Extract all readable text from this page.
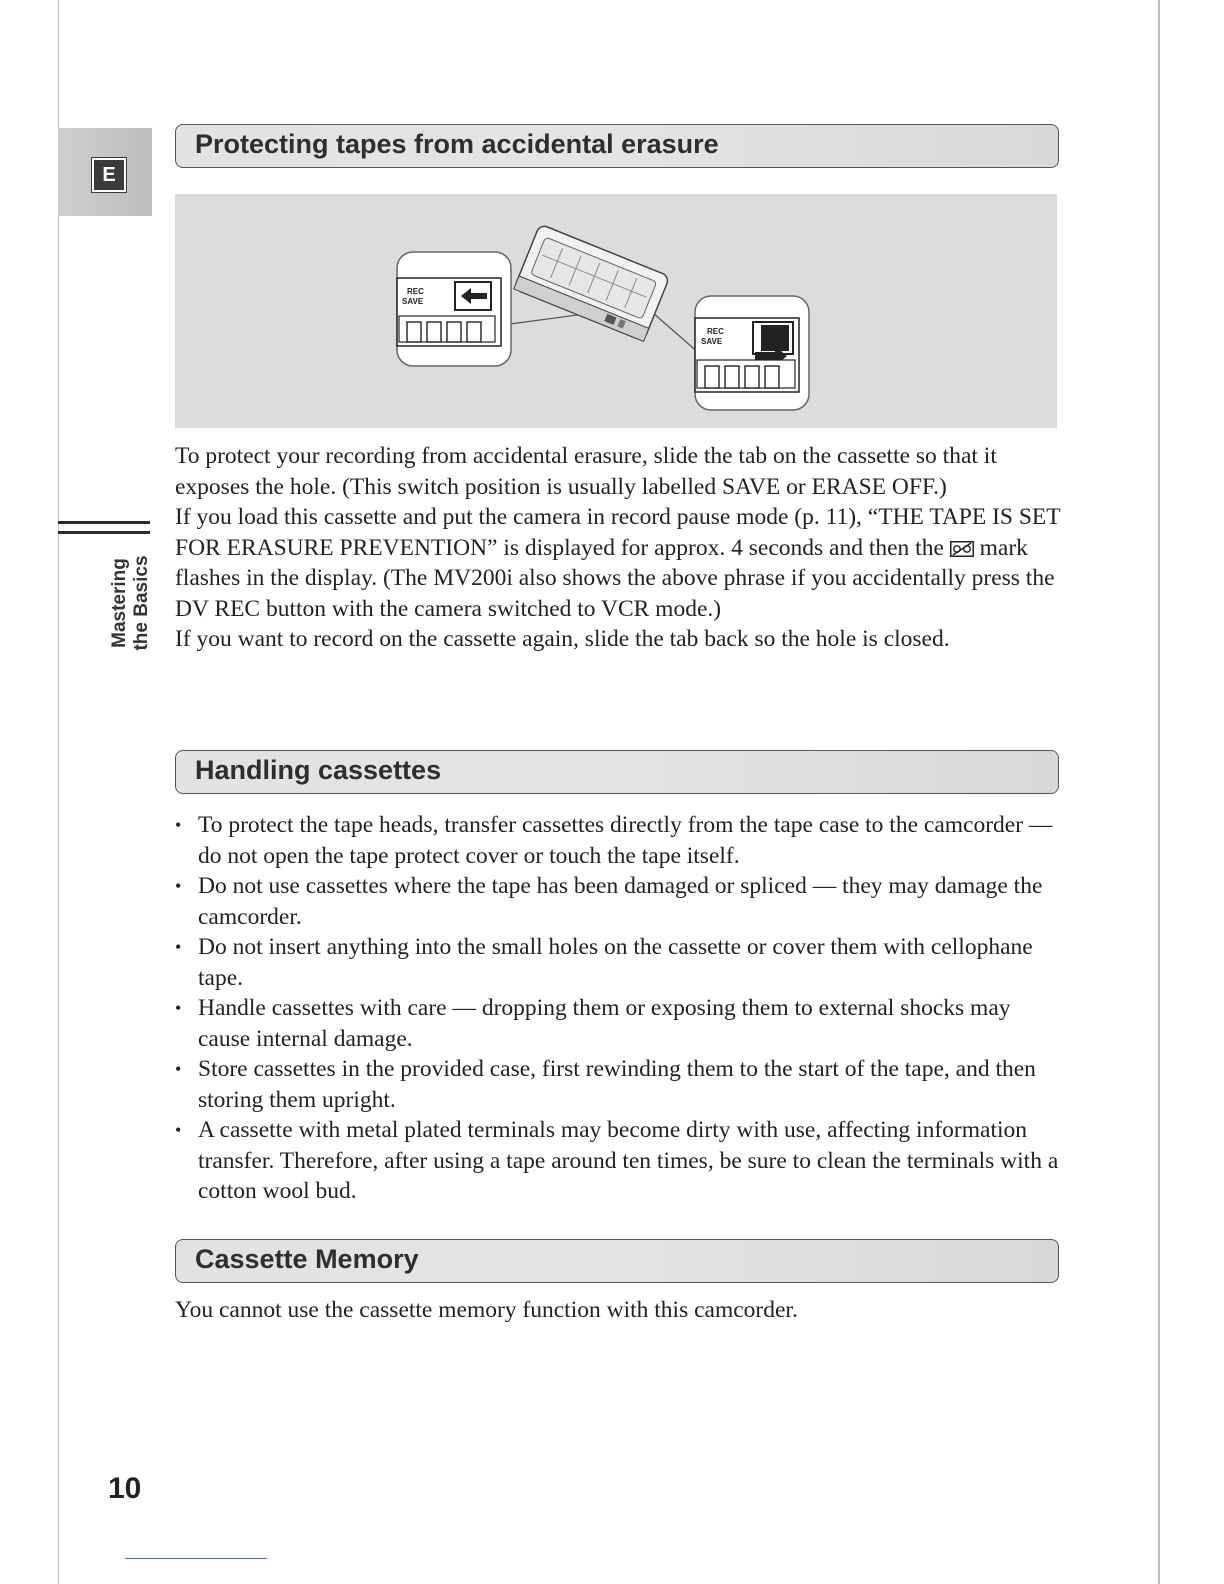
E
Mastering the Basics
Protecting tapes from accidental erasure
REC
SAVE
REC
SAVE

To protect your recording from accidental erasure, slide the tab on the cassette so that it exposes the hole. (This switch position is usually labelled SAVE or ERASE OFF.)

If you load this cassette and put the camera in record pause mode (p. 11), “THE TAPE IS SET FOR ERASURE PREVENTION” is displayed for approx. 4 seconds and then the  mark flashes in the display. (The MV200i also shows the above phrase if you accidentally press the DV REC button with the camera switched to VCR mode.)

If you want to record on the cassette again, slide the tab back so the hole is closed.

Handling cassettes
• To protect the tape heads, transfer cassettes directly from the tape case to the camcorder — do not open the tape protect cover or touch the tape itself.
• Do not use cassettes where the tape has been damaged or spliced — they may damage the camcorder.
• Do not insert anything into the small holes on the cassette or cover them with cellophane tape.
• Handle cassettes with care — dropping them or exposing them to external shocks may cause internal damage.
• Store cassettes in the provided case, first rewinding them to the start of the tape, and then storing them upright.
• A cassette with metal plated terminals may become dirty with use, affecting information transfer. Therefore, after using a tape around ten times, be sure to clean the terminals with a cotton wool bud.
Cassette Memory

You cannot use the cassette memory function with this camcorder.

10
